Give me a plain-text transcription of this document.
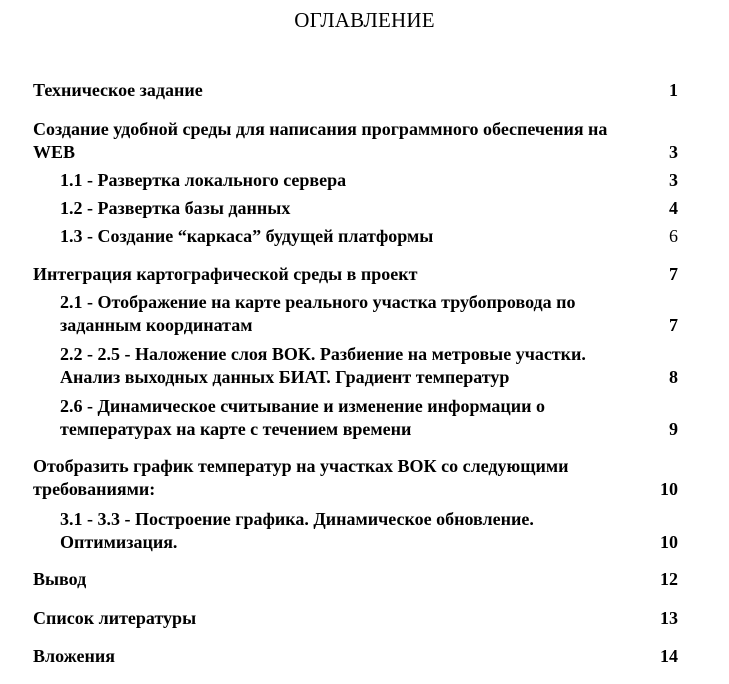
ОГЛАВЛЕНИЕ
Техническое задание	1
Создание удобной среды для написания программного обеспечения на
WEB	3
1.1 - Развертка локального сервера	3
1.2 - Развертка базы данных	4
1.3 - Создание “каркаса” будущей платформы	6
Интеграция картографической среды в проект	7
2.1 - Отображение на карте реального участка трубопровода по
заданным координатам	7
2.2 - 2.5 - Наложение слоя ВОК. Разбиение на метровые участки.
Анализ выходных данных БИАТ. Градиент температур	8
2.6 - Динамическое считывание и изменение информации о
температурах на карте с течением времени	9
Отобразить график температур на участках ВОК со следующими
требованиями:	10
3.1 - 3.3 - Построение графика. Динамическое обновление.
Оптимизация.	10
Вывод	12
Список литературы	13
Вложения	14
